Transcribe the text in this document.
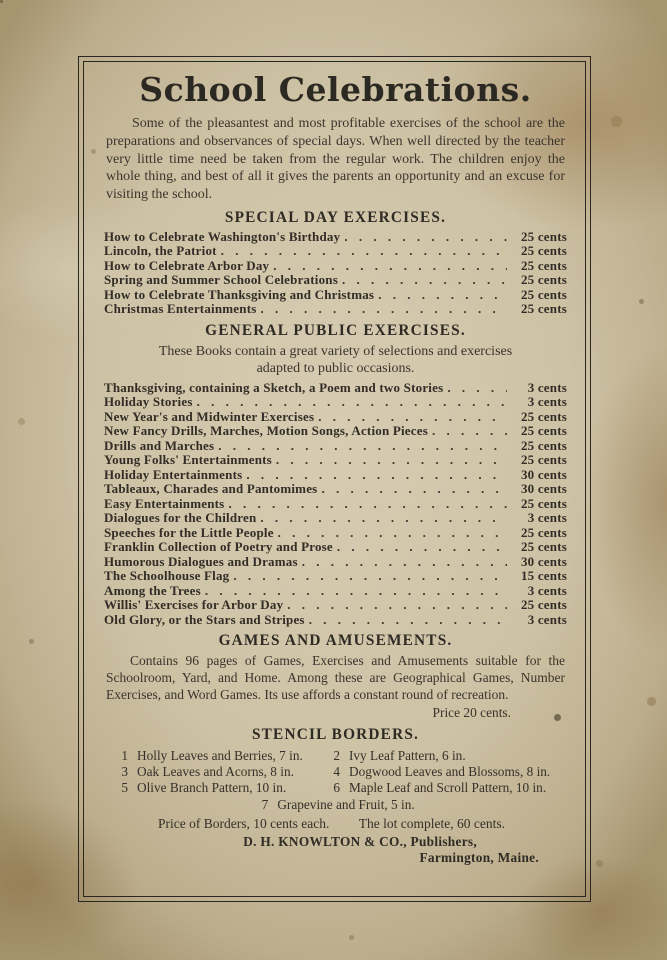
School Celebrations.
Some of the pleasantest and most profitable exercises of the school are the preparations and observances of special days. When well directed by the teacher very little time need be taken from the regular work. The children enjoy the whole thing, and best of all it gives the parents an opportunity and an excuse for visiting the school.
SPECIAL DAY EXERCISES.
How to Celebrate Washington's Birthday . . .	25 cents
Lincoln, the Patriot . . .	25 cents
How to Celebrate Arbor Day . . .	25 cents
Spring and Summer School Celebrations . . .	25 cents
How to Celebrate Thanksgiving and Christmas . . .	25 cents
Christmas Entertainments . . .	25 cents
GENERAL PUBLIC EXERCISES.
These Books contain a great variety of selections and exercises adapted to public occasions.
Thanksgiving, containing a Sketch, a Poem and two Stories . . .	3 cents
Holiday Stories . . .	3 cents
New Year's and Midwinter Exercises . . .	25 cents
New Fancy Drills, Marches, Motion Songs, Action Pieces . . .	25 cents
Drills and Marches . . .	25 cents
Young Folks' Entertainments . . .	25 cents
Holiday Entertainments . . .	30 cents
Tableaux, Charades and Pantomimes . . .	30 cents
Easy Entertainments . . .	25 cents
Dialogues for the Children . . .	3 cents
Speeches for the Little People . . .	25 cents
Franklin Collection of Poetry and Prose . . .	25 cents
Humorous Dialogues and Dramas . . .	30 cents
The Schoolhouse Flag . . .	15 cents
Among the Trees . . .	3 cents
Willis' Exercises for Arbor Day . . .	25 cents
Old Glory, or the Stars and Stripes . . .	3 cents
GAMES AND AMUSEMENTS.
Contains 96 pages of Games, Exercises and Amusements suitable for the Schoolroom, Yard, and Home. Among these are Geographical Games, Number Exercises, and Word Games. Its use affords a constant round of recreation.
Price 20 cents.
STENCIL BORDERS.
1 Holly Leaves and Berries, 7 in.	2 Ivy Leaf Pattern, 6 in.
3 Oak Leaves and Acorns, 8 in.	4 Dogwood Leaves and Blossoms, 8 in.
5 Olive Branch Pattern, 10 in.	6 Maple Leaf and Scroll Pattern, 10 in.
7 Grapevine and Fruit, 5 in.
Price of Borders, 10 cents each. The lot complete, 60 cents.
D. H. KNOWLTON & CO., Publishers,
Farmington, Maine.
